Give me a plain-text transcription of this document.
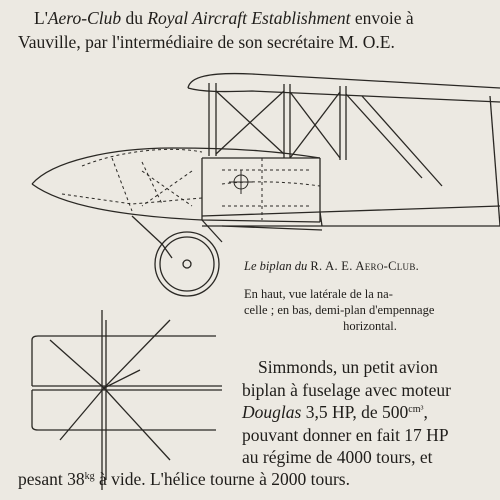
L'Aero-Club du Royal Aircraft Establishment envoie à

Vauville, par l'intermédiaire de son secrétaire M. O.E.

Le biplan du R. A. E. Aero-Club.
En haut, vue latérale de la na-
celle ; en bas, demi-plan d'empennage
horizontal.

Simmonds, un petit avion

biplan à fuselage avec moteur

Douglas 3,5 HP, de $500^{cm^3}$,

pouvant donner en fait 17 HP

au régime de 4000 tours, et

pesant $38^{kg}$ à vide. L'hélice tourne à 2000 tours.
